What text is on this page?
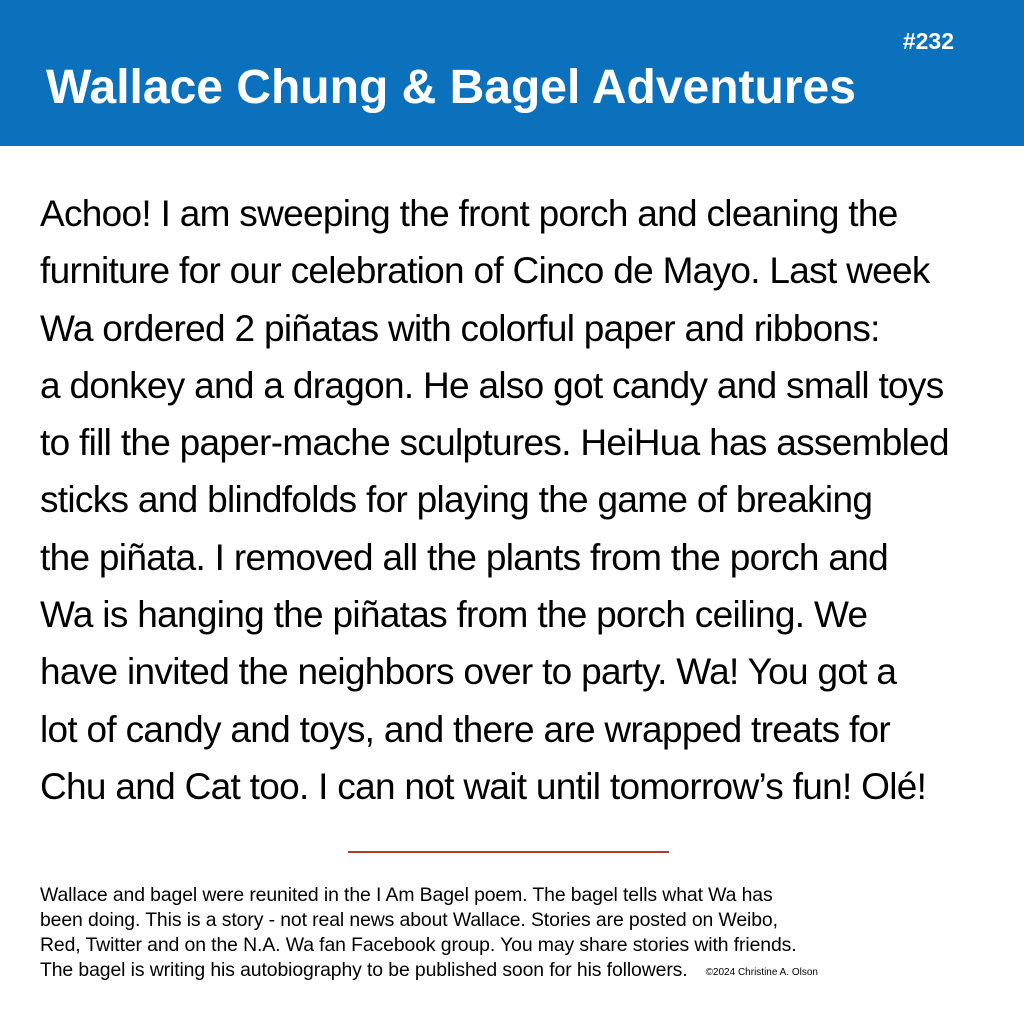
#232
Wallace Chung & Bagel Adventures

Achoo! I am sweeping the front porch and cleaning the
furniture for our celebration of Cinco de Mayo. Last week
Wa ordered 2 piñatas with colorful paper and ribbons:
a donkey and a dragon. He also got candy and small toys
to fill the paper-mache sculptures. HeiHua has assembled
sticks and blindfolds for playing the game of breaking
the piñata. I removed all the plants from the porch and
Wa is hanging the piñatas from the porch ceiling. We
have invited the neighbors over to party. Wa! You got a
lot of candy and toys, and there are wrapped treats for
Chu and Cat too. I can not wait until tomorrow’s fun! Olé!

Wallace and bagel were reunited in the I Am Bagel poem. The bagel tells what Wa has
been doing. This is a story - not real news about Wallace. Stories are posted on Weibo,
Red, Twitter and on the N.A. Wa fan Facebook group. You may share stories with friends.
The bagel is writing his autobiography to be published soon for his followers. ©2024 Christine A. Olson
